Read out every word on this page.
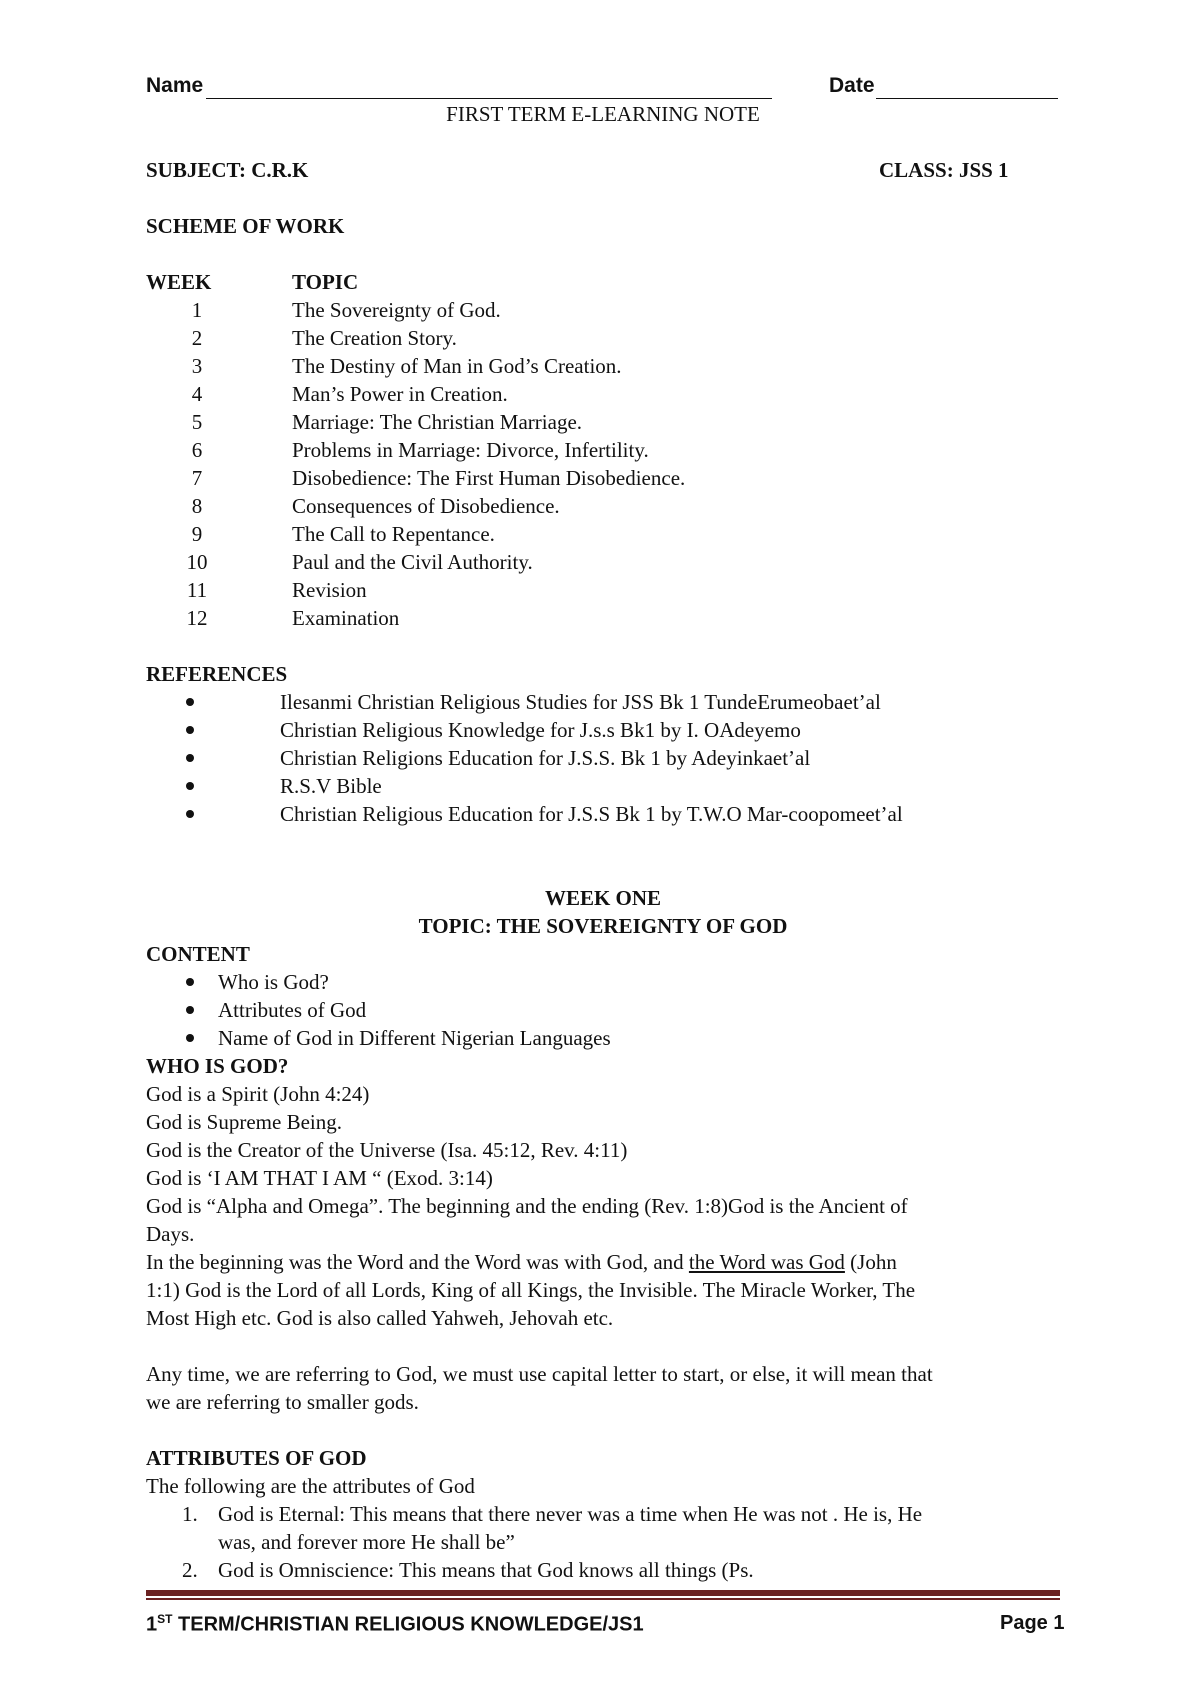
Name	Date
FIRST TERM E-LEARNING NOTE
SUBJECT: C.R.K	CLASS: JSS 1
SCHEME OF WORK
WEEK	TOPIC
1	The Sovereignty of God.
2	The Creation Story.
3	The Destiny of Man in God’s Creation.
4	Man’s Power in Creation.
5	Marriage: The Christian Marriage.
6	Problems in Marriage: Divorce, Infertility.
7	Disobedience: The First Human Disobedience.
8	Consequences of Disobedience.
9	The Call to Repentance.
10	Paul and the Civil Authority.
11	Revision
12	Examination
REFERENCES
Ilesanmi Christian Religious Studies for JSS Bk 1 TundeErumeobaet’al
Christian Religious Knowledge for J.s.s Bk1 by I. OAdeyemo
Christian Religions Education for J.S.S. Bk 1 by Adeyinkaet’al
R.S.V Bible
Christian Religious Education for J.S.S Bk 1 by T.W.O Mar-coopomeet’al
WEEK ONE
TOPIC: THE SOVEREIGNTY OF GOD
CONTENT
Who is God?
Attributes of God
Name of God in Different Nigerian Languages
WHO IS GOD?
God is a Spirit (John 4:24)
God is Supreme Being.
God is the Creator of the Universe (Isa. 45:12, Rev. 4:11)
God is ‘I AM THAT I AM “ (Exod. 3:14)
God is “Alpha and Omega”. The beginning and the ending (Rev. 1:8)God is the Ancient of
Days.
In the beginning was the Word and the Word was with God, and the Word was God (John
1:1) God is the Lord of all Lords, King of all Kings, the Invisible. The Miracle Worker, The
Most High etc. God is also called Yahweh, Jehovah etc.
Any time, we are referring to God, we must use capital letter to start, or else, it will mean that
we are referring to smaller gods.
ATTRIBUTES OF GOD
The following are the attributes of God
1. God is Eternal: This means that there never was a time when He was not . He is, He
was, and forever more He shall be”
2. God is Omniscience: This means that God knows all things (Ps.
1ST TERM/CHRISTIAN RELIGIOUS KNOWLEDGE/JS1	Page 1
